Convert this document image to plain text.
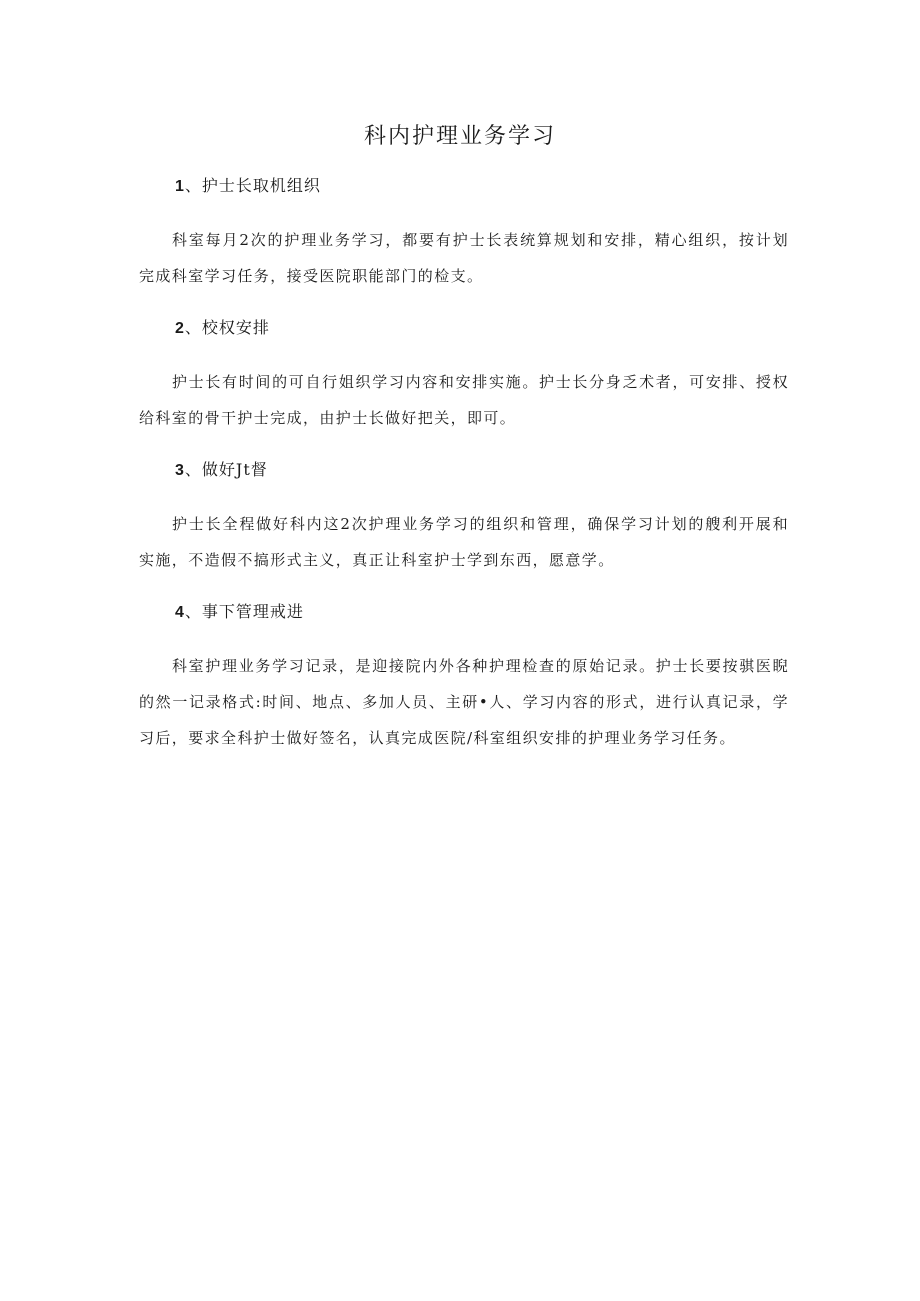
科内护理业务学习
1、护士长取机组织

科室每月2次的护理业务学习，都要有护士长表统算规划和安排，精心组织，按计划完成科室学习任务，接受医院职能部门的检支。

2、校权安排

护士长有时间的可自行姐织学习内容和安排实施。护士长分身乏术者，可安排、授权给科室的骨干护士完成，由护士长做好把关，即可。

3、做好Jt督

护士长全程做好科内这2次护理业务学习的组织和管理，确保学习计划的艘利开展和实施，不造假不搞形式主义，真正让科室护士学到东西，愿意学。

4、事下管理戒进

科室护理业务学习记录，是迎接院内外各种护理检查的原始记录。护士长要按骐医睨的然一记录格式:时间、地点、多加人员、主研•人、学习内容的形式，进行认真记录，学习后，要求全科护士做好签名，认真完成医院/科室组织安排的护理业务学习任务。
